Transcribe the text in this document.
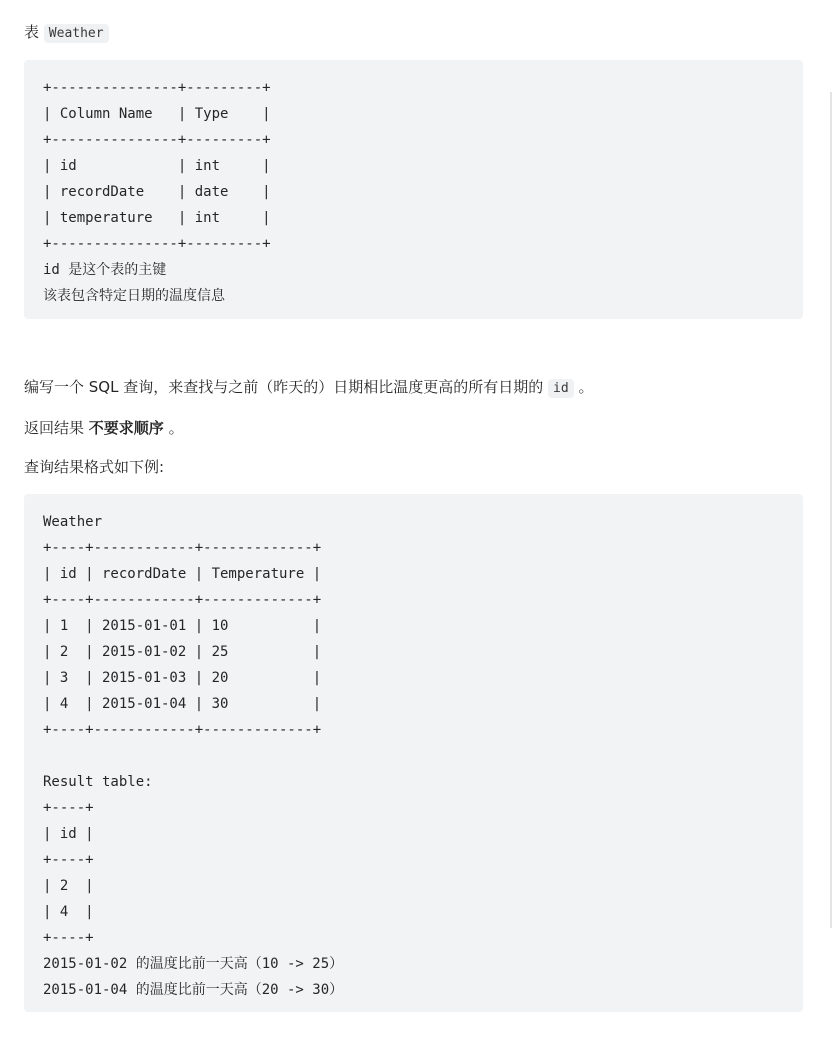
表 Weather

+---------------+---------+
| Column Name   | Type    |
+---------------+---------+
| id            | int     |
| recordDate    | date    |
| temperature   | int     |
+---------------+---------+
id 是这个表的主键
该表包含特定日期的温度信息

编写一个 SQL 查询，来查找与之前（昨天的）日期相比温度更高的所有日期的 id 。

返回结果 不要求顺序 。

查询结果格式如下例:

Weather
+----+------------+-------------+
| id | recordDate | Temperature |
+----+------------+-------------+
| 1  | 2015-01-01 | 10          |
| 2  | 2015-01-02 | 25          |
| 3  | 2015-01-03 | 20          |
| 4  | 2015-01-04 | 30          |
+----+------------+-------------+
Result table:
+----+
| id |
+----+
| 2  |
| 4  |
+----+
2015-01-02 的温度比前一天高（10 -> 25）
2015-01-04 的温度比前一天高（20 -> 30）
